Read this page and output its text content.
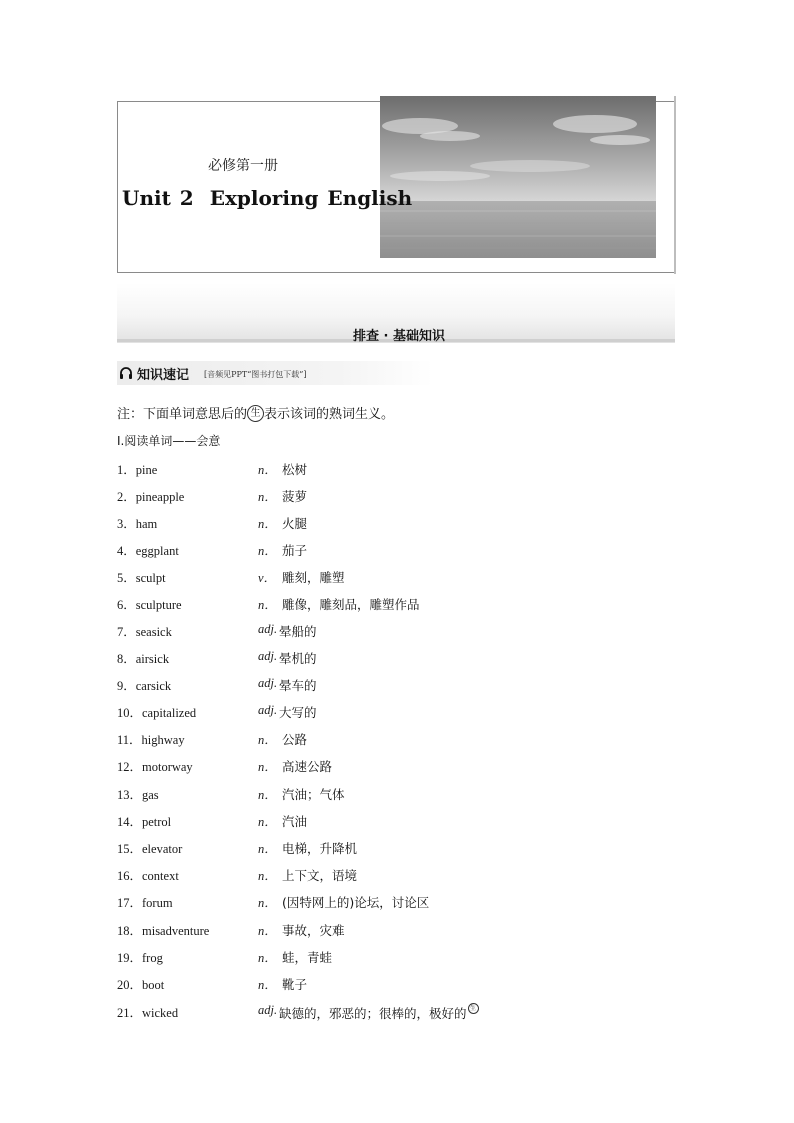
必修第一册
Unit 2 Exploring English
排查 · 基础知识
知识速记 [音频见PPT“图书打包下载”]
注：下面单词意思后的 生 表示该词的熟词生义。
Ⅰ.阅读单词——会意
1．pine	n． 松树
2．pineapple	n． 菠萝
3．ham	n． 火腿
4．eggplant	n． 茄子
5．sculpt	v． 雕刻，雕塑
6．sculpture	n． 雕像，雕刻品，雕塑作品
7．seasick	adj. 晕船的
8．airsick	adj. 晕机的
9．carsick	adj. 晕车的
10．capitalized	adj. 大写的
11．highway	n． 公路
12．motorway	n． 高速公路
13．gas	n． 汽油；气体
14．petrol	n． 汽油
15．elevator	n． 电梯，升降机
16．context	n． 上下文，语境
17．forum	n． (因特网上的)论坛，讨论区
18．misadventure	n． 事故，灾难
19．frog	n． 蛙，青蛙
20．boot	n． 靴子
21．wicked	adj. 缺德的，邪恶的；很棒的，极好的 生
